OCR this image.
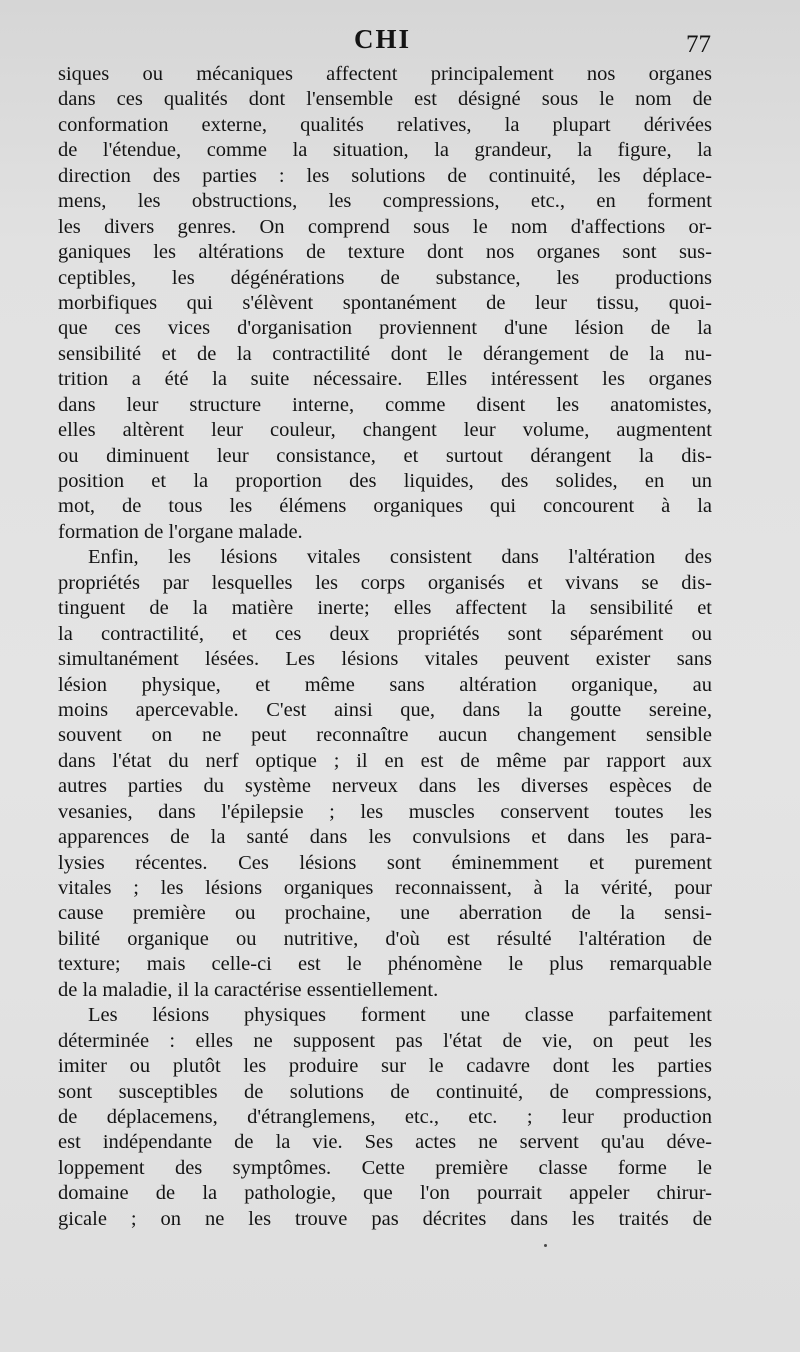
CHI	77
siques ou mécaniques affectent principalement nos organes
dans ces qualités dont l'ensemble est désigné sous le nom de
conformation externe, qualités relatives, la plupart dérivées
de l'étendue, comme la situation, la grandeur, la figure, la
direction des parties : les solutions de continuité, les déplace-
mens, les obstructions, les compressions, etc., en forment
les divers genres. On comprend sous le nom d'affections or-
ganiques les altérations de texture dont nos organes sont sus-
ceptibles, les dégénérations de substance, les productions
morbifiques qui s'élèvent spontanément de leur tissu, quoi-
que ces vices d'organisation proviennent d'une lésion de la
sensibilité et de la contractilité dont le dérangement de la nu-
trition a été la suite nécessaire. Elles intéressent les organes
dans leur structure interne, comme disent les anatomistes,
elles altèrent leur couleur, changent leur volume, augmentent
ou diminuent leur consistance, et surtout dérangent la dis-
position et la proportion des liquides, des solides, en un
mot, de tous les élémens organiques qui concourent à la
formation de l'organe malade.
Enfin, les lésions vitales consistent dans l'altération des
propriétés par lesquelles les corps organisés et vivans se dis-
tinguent de la matière inerte; elles affectent la sensibilité et
la contractilité, et ces deux propriétés sont séparément ou
simultanément lésées. Les lésions vitales peuvent exister sans
lésion physique, et même sans altération organique, au
moins apercevable. C'est ainsi que, dans la goutte sereine,
souvent on ne peut reconnaître aucun changement sensible
dans l'état du nerf optique ; il en est de même par rapport aux
autres parties du système nerveux dans les diverses espèces de
vesanies, dans l'épilepsie ; les muscles conservent toutes les
apparences de la santé dans les convulsions et dans les para-
lysies récentes. Ces lésions sont éminemment et purement
vitales ; les lésions organiques reconnaissent, à la vérité, pour
cause première ou prochaine, une aberration de la sensi-
bilité organique ou nutritive, d'où est résulté l'altération de
texture; mais celle-ci est le phénomène le plus remarquable
de la maladie, il la caractérise essentiellement.
Les lésions physiques forment une classe parfaitement
déterminée : elles ne supposent pas l'état de vie, on peut les
imiter ou plutôt les produire sur le cadavre dont les parties
sont susceptibles de solutions de continuité, de compressions,
de déplacemens, d'étranglemens, etc., etc. ; leur production
est indépendante de la vie. Ses actes ne servent qu'au déve-
loppement des symptômes. Cette première classe forme le
domaine de la pathologie, que l'on pourrait appeler chirur-
gicale ; on ne les trouve pas décrites dans les traités de
